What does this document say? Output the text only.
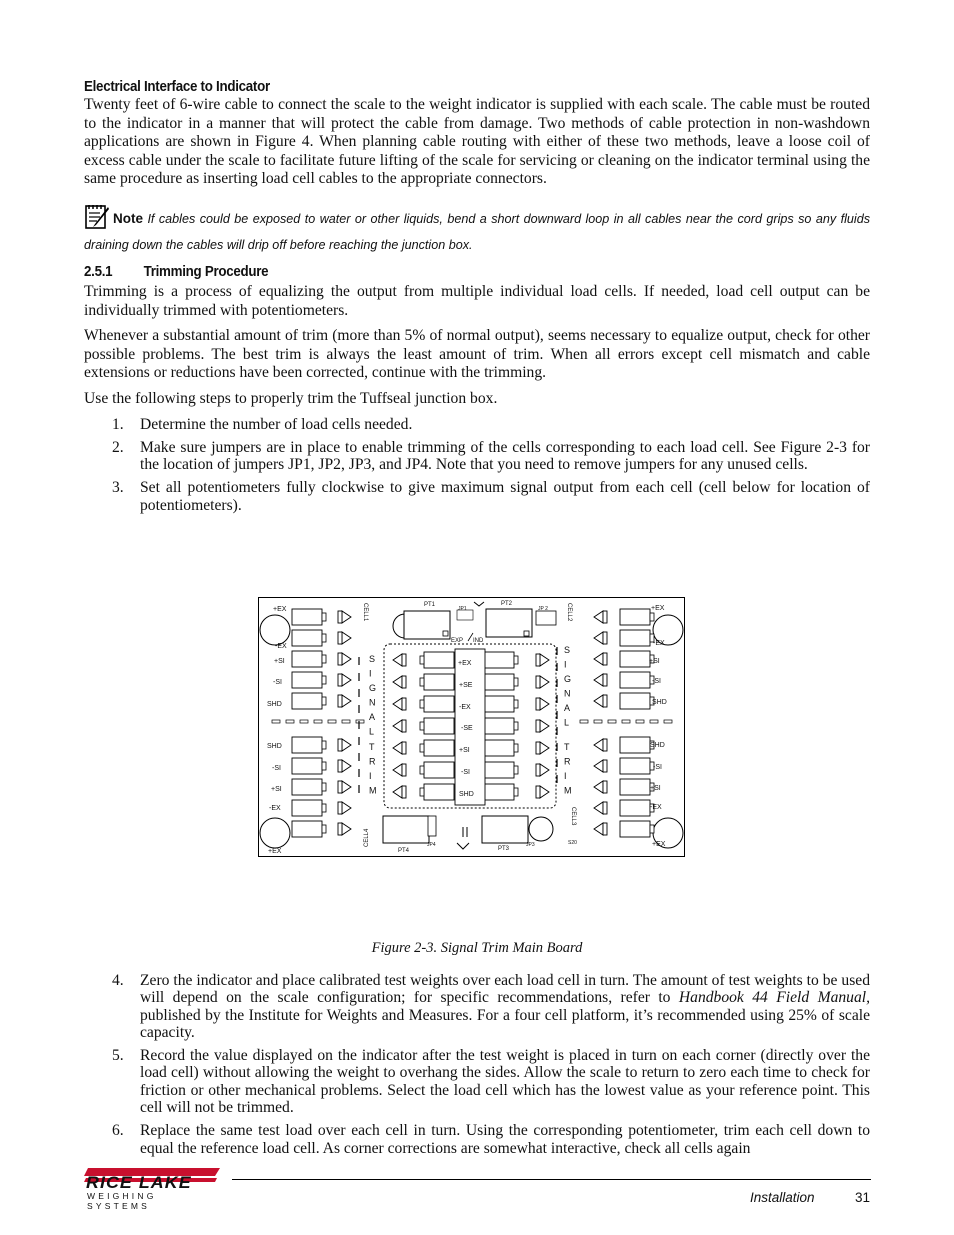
Electrical Interface to Indicator

Twenty feet of 6-wire cable to connect the scale to the weight indicator is supplied with each scale. The cable must be routed to the indicator in a manner that will protect the cable from damage. Two methods of cable protection in non-washdown applications are shown in Figure 4. When planning cable routing with either of these two methods, leave a loose coil of excess cable under the scale to facilitate future lifting of the scale for servicing or cleaning on the indicator terminal using the same procedure as inserting load cell cables to the appropriate connectors.

Note If cables could be exposed to water or other liquids, bend a short downward loop in all cables near the cord grips so any fluids draining down the cables will drip off before reaching the junction box.
2.5.1 Trimming Procedure

Trimming is a process of equalizing the output from multiple individual load cells. If needed, load cell output can be individually trimmed with potentiometers.

Whenever a substantial amount of trim (more than 5% of normal output), seems necessary to equalize output, check for other possible problems. The best trim is always the least amount of trim. When all errors except cell mismatch and cable extensions or reductions have been corrected, continue with the trimming.

Use the following steps to properly trim the Tuffseal junction box.

1. Determine the number of load cells needed.
2. Make sure jumpers are in place to enable trimming of the cells corresponding to each load cell. See Figure 2-3 for the location of jumpers JP1, JP2, JP3, and JP4. Note that you need to remove jumpers for any unused cells.
3. Set all potentiometers fully clockwise to give maximum signal output from each cell (cell below for location of potentiometers).
+EX
-EX
+SI
-SI
SHD
SHD
-SI
+SI
-EX
+EX
+EX
-EX
+SI
-SI
SHD
SHD
-SI
+SI
-EX
+EX
+EX
+SE
-EX
-SE
+SI
-SI
SHD
S
I
G
N
A
L
T
R
I
M
S
I
G
N
A
L
T
R
I
M
PT1	PT2
JP1	JP 2
EXP IND
PT4	PT3
JP4	JP3	S20
CELL1	CELL2
CELL3
CELL4
Figure 2-3. Signal Trim Main Board
4. Zero the indicator and place calibrated test weights over each load cell in turn. The amount of test weights to be used will depend on the scale configuration; for specific recommendations, refer to Handbook 44 Field Manual, published by the Institute for Weights and Measures. For a four cell platform, it’s recommended using 25% of scale capacity.
5. Record the value displayed on the indicator after the test weight is placed in turn on each corner (directly over the load cell) without allowing the weight to overhang the sides. Allow the scale to return to zero each time to check for friction or other mechanical problems. Select the load cell which has the lowest value as your reference point. This cell will not be trimmed.
6. Replace the same test load over each cell in turn. Using the corresponding potentiometer, trim each cell down to equal the reference load cell. As corner corrections are somewhat interactive, check all cells again
RICE LAKE
WEIGHING SYSTEMS
Installation	31
